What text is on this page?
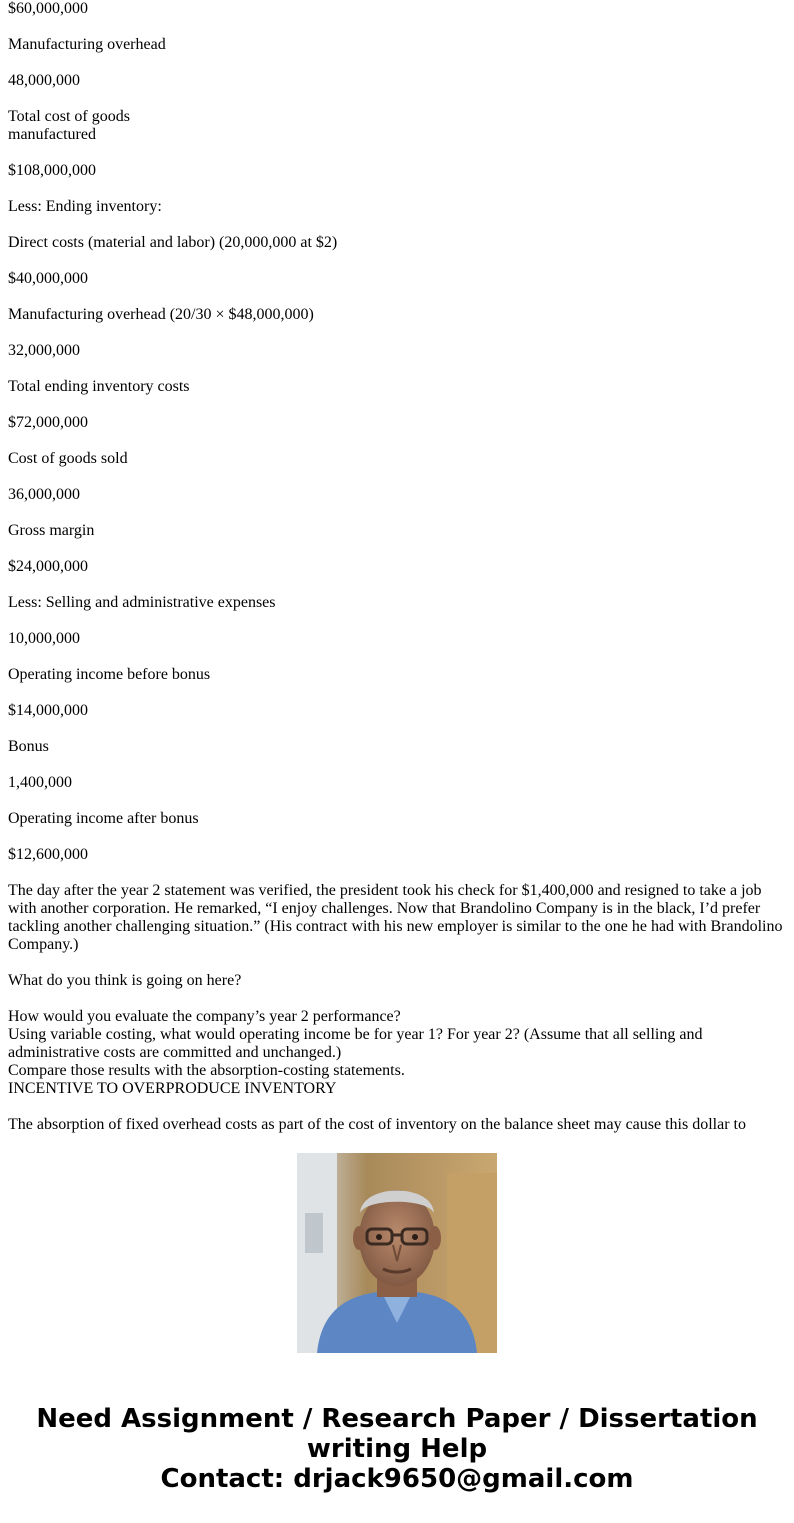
$60,000,000

Manufacturing overhead

48,000,000

Total cost of goods

manufactured

$108,000,000

Less: Ending inventory:

Direct costs (material and labor) (20,000,000 at $2)

$40,000,000

Manufacturing overhead (20/30 × $48,000,000)

32,000,000

Total ending inventory costs

$72,000,000

Cost of goods sold

36,000,000

Gross margin

$24,000,000

Less: Selling and administrative expenses

10,000,000

Operating income before bonus

$14,000,000

Bonus

1,400,000

Operating income after bonus

$12,600,000

The day after the year 2 statement was verified, the president took his check for $1,400,000 and resigned to take a job with another corporation. He remarked, “I enjoy challenges. Now that Brandolino Company is in the black, I’d prefer tackling another challenging situation.” (His contract with his new employer is similar to the one he had with Brandolino Company.)

What do you think is going on here?

How would you evaluate the company’s year 2 performance?

Using variable costing, what would operating income be for year 1? For year 2? (Assume that all selling and administrative costs are committed and unchanged.)

Compare those results with the absorption-costing statements.

INCENTIVE TO OVERPRODUCE INVENTORY

The absorption of fixed overhead costs as part of the cost of inventory on the balance sheet may cause this dollar to

Need Assignment / Research Paper / Dissertation
writing Help
Contact: drjack9650@gmail.com
